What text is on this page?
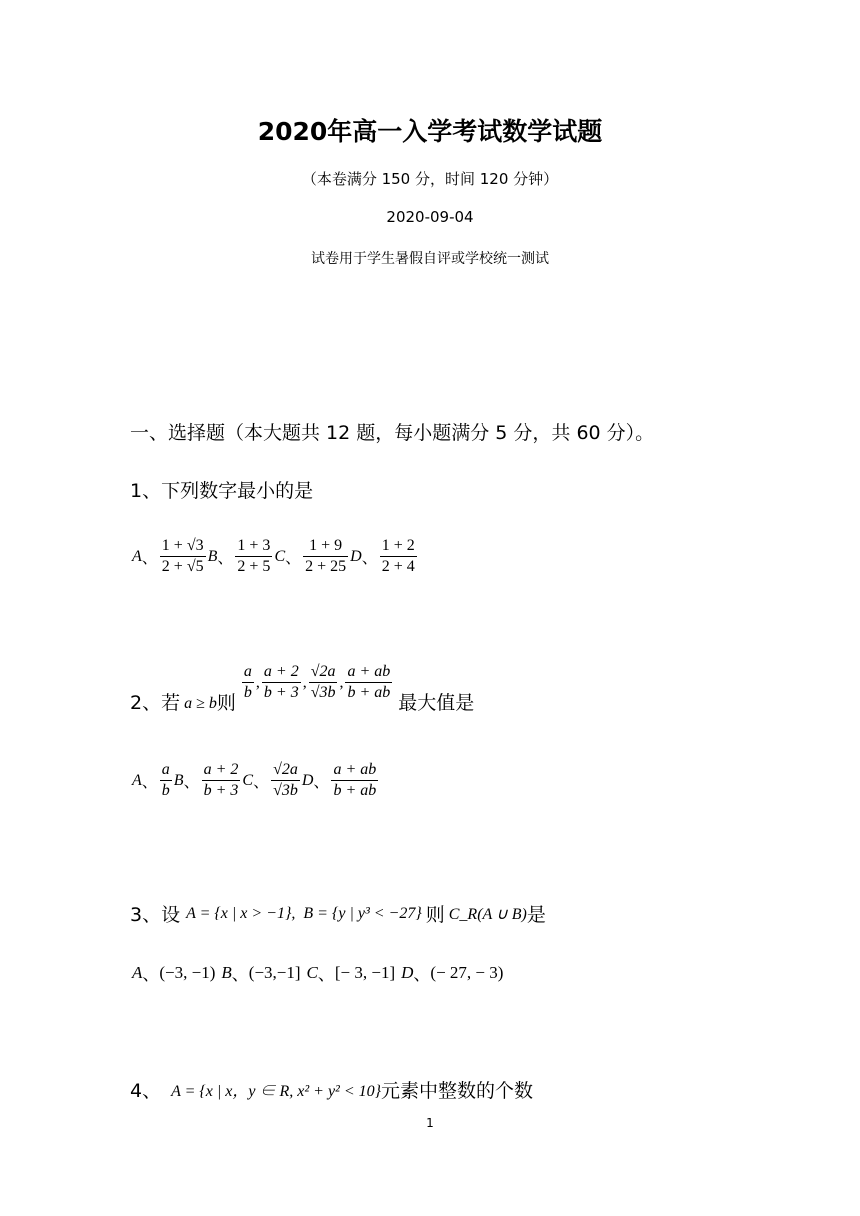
2020年高一入学考试数学试题
（本卷满分 150 分，时间 120 分钟）
2020-09-04
试卷用于学生暑假自评或学校统一测试
一、选择题（本大题共 12 题，每小题满分 5 分，共 60 分）。
1、下列数字最小的是
A 、 $\frac{1 + √3}{2 + √5}$ B 、 $\frac{1 + 3}{2 + 5}$ C 、 $\frac{1 + 9}{2 + 25}$ D 、 $\frac{1 + 2}{2 + 4}$
2、若 a ≥ b 则 $\frac{a}{b}$ , $\frac{a + 2}{b + 3}$ , $\frac{√2a}{√3b}$ , $\frac{a + ab}{b + ab}$ 最大值是
A 、 $\frac{a}{b}$ B 、 $\frac{a + 2}{b + 3}$ C 、 $\frac{√2a}{√3b}$ D 、 $\frac{a + ab}{b + ab}$
3、设 A = {x | x > −1}, B = {y | y³ < −27} 则 C_R(A ∪ B) 是
A 、 (−3, −1) B 、 (−3,−1] C 、 [− 3, −1] D 、 (− 27, − 3)
4、 A = {x | x，y ∈ R, x² + y² < 10} 元素中整数的个数
1
